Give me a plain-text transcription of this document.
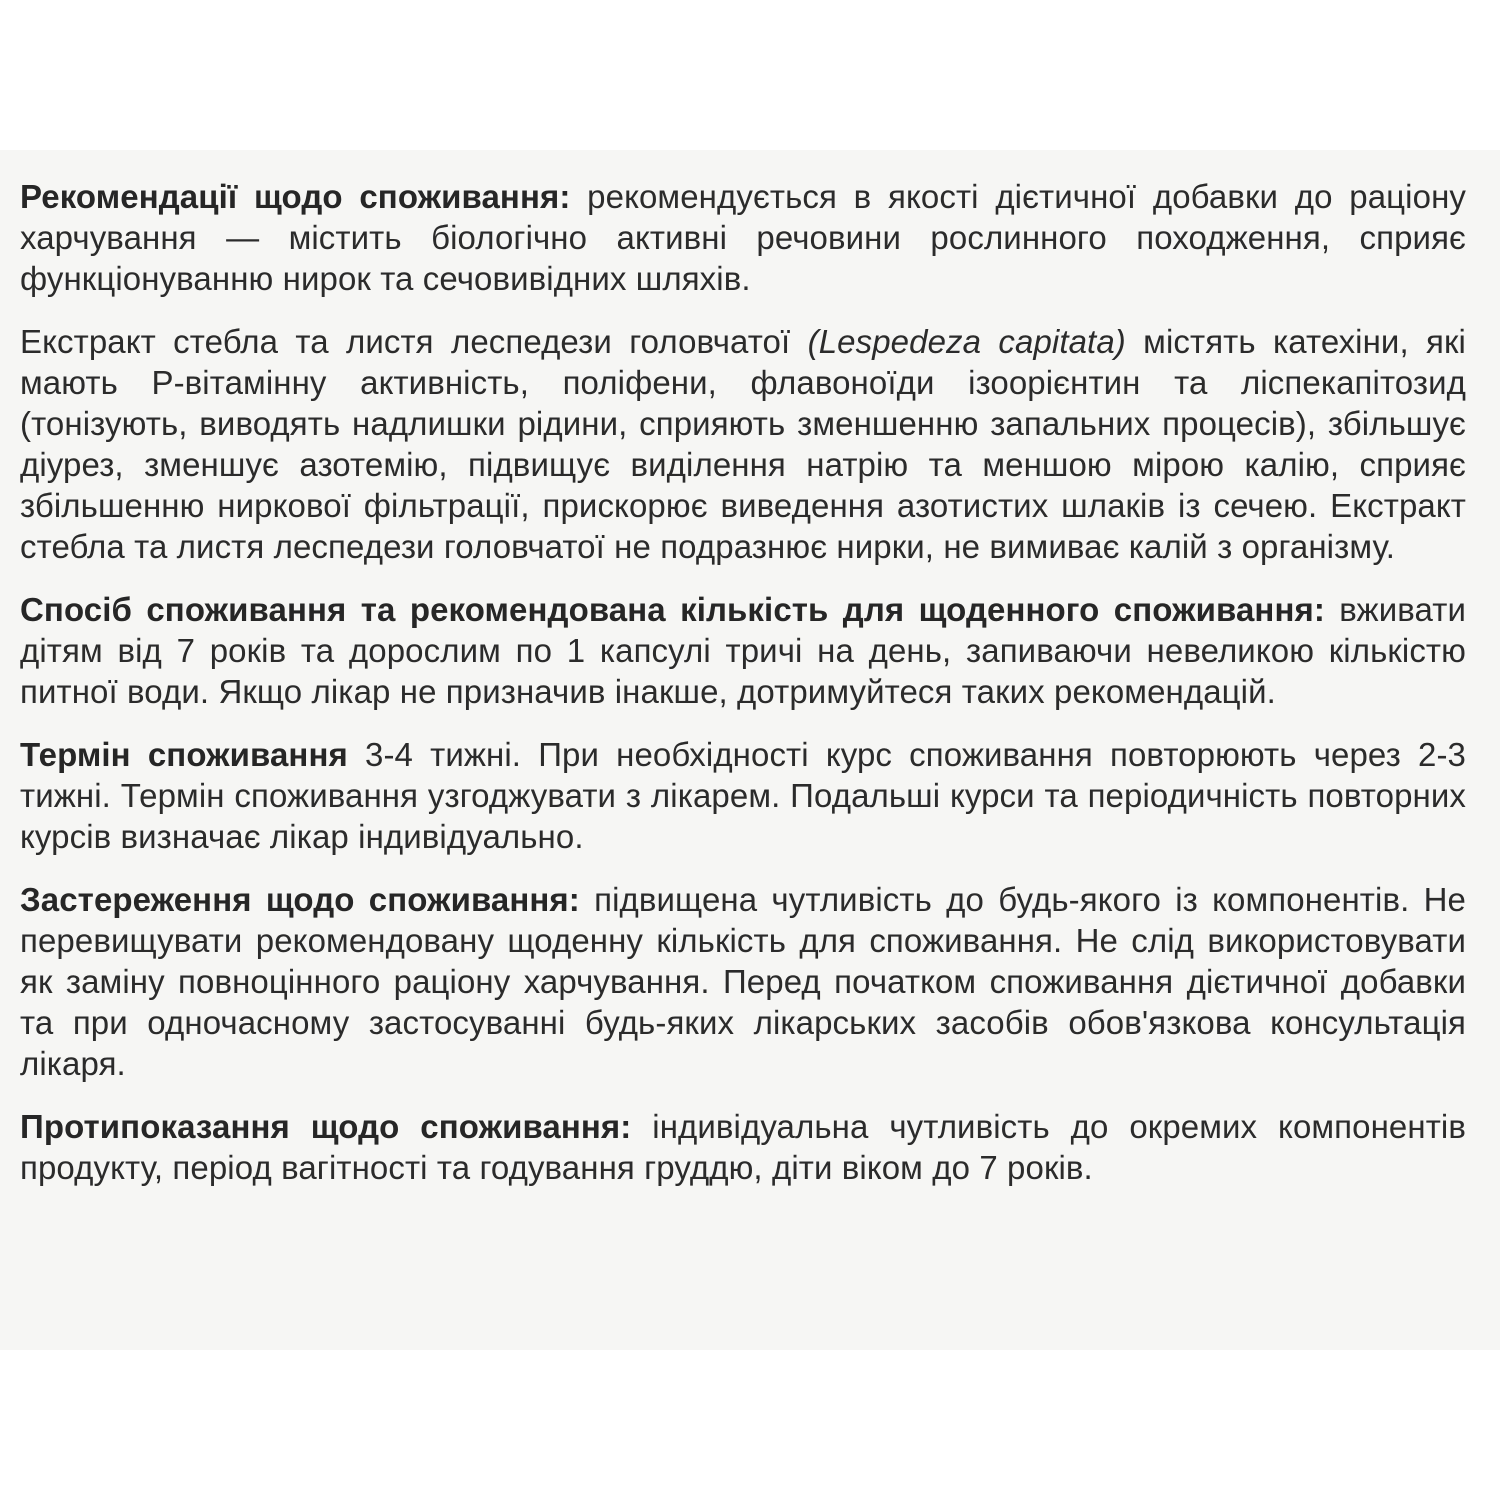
Рекомендації щодо споживання: рекомендується в якості дієтичної добавки до раціону харчування — містить біологічно активні речовини рослинного походження, сприяє функціонуванню нирок та сечовивідних шляхів.

Екстракт стебла та листя леспедези головчатої (Lespedeza capitata) містять катехіни, які мають Р-вітамінну активність, поліфени, флавоноїди ізоорієнтин та ліспекапітозид (тонізують, виводять надлишки рідини, сприяють зменшенню запальних процесів), збільшує діурез, зменшує азотемію, підвищує виділення натрію та меншою мірою калію, сприяє збільшенню ниркової фільтрації, прискорює виведення азотистих шлаків із сечею. Екстракт стебла та листя леспедези головчатої не подразнює нирки, не вимиває калій з організму.

Спосіб споживання та рекомендована кількість для щоденного споживання: вживати дітям від 7 років та дорослим по 1 капсулі тричі на день, запиваючи невеликою кількістю питної води. Якщо лікар не призначив інакше, дотримуйтеся таких рекомендацій.

Термін споживання 3-4 тижні. При необхідності курс споживання повторюють через 2-3 тижні. Термін споживання узгоджувати з лікарем. Подальші курси та періодичність повторних курсів визначає лікар індивідуально.

Застереження щодо споживання: підвищена чутливість до будь-якого із компонентів. Не перевищувати рекомендовану щоденну кількість для споживання. Не слід використовувати як заміну повноцінного раціону харчування. Перед початком споживання дієтичної добавки та при одночасному застосуванні будь-яких лікарських засобів обов'язкова консультація лікаря.

Протипоказання щодо споживання: індивідуальна чутливість до окремих компонентів продукту, період вагітності та годування груддю, діти віком до 7 років.
